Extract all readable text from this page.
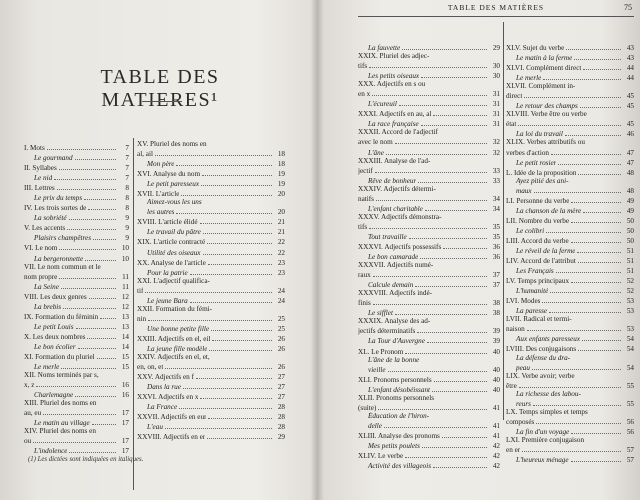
TABLE DES MATIERES¹
I. Mots	7
Le gourmand	7
II. Syllabes	7
Le nid	7
III. Lettres	8
Le prix du temps	8
IV. Les trois sortes de	8
La sobriété	9
V. Les accents	9
Plaisirs champêtres	9
VI. Le nom	10
La bergeronnette	10
VII. Le nom commun et le
nom propre	11
La Seine	11
VIII. Les deux genres	12
La brebis	12
IX. Formation du féminin	13
Le petit Louis	13
X. Les deux nombres	14
Le bon écolier	14
XI. Formation du pluriel	15
Le merle	15
XII. Noms terminés par s,
x, z	16
Charlemagne	16
XIII. Pluriel des noms en
au, eu	17
Le matin au village	17
XIV. Pluriel des noms en
ou	17
L'indolence	17
XV. Pluriel des noms en
al, ail	18
Mon père	18
XVI. Analyse du nom	19
Le petit paresseux	19
XVII. L'article	20
Aimez-vous les uns
les autres	20
XVIII. L'article élidé	21
Le travail du pâtre	21
XIX. L'article contracté	22
Utilité des oiseaux	22
XX. Analyse de l'article	23
Pour la patrie	23
XXI. L'adjectif qualifica-
tif	24
Le jeune Bara	24
XXII. Formation du fémi-
nin	25
Une bonne petite fille	25
XXIII. Adjectifs en el, eil	26
La jeune fille modèle	26
XXIV. Adjectifs en el, et,
en, on, et	26
XXV. Adjectifs en f	27
Dans la rue	27
XXVI. Adjectifs en x	27
La France	28
XXVII. Adjectifs en eur	28
L'eau	28
XXVIII. Adjectifs en er	29
(1) Les dictées sont indiquées en italiques.
TABLE DES MATIÈRES	75
La fauvette	29
XXIX. Pluriel des adjec-
tifs	30
Les petits oiseaux	30
XXX. Adjectifs en s ou
en x	31
L'écureuil	31
XXXI. Adjectifs en au, al	31
La race française	31
XXXII. Accord de l'adjectif
avec le nom	32
L'âne	32
XXXIII. Analyse de l'ad-
jectif	33
Rêve de bonheur	33
XXXIV. Adjectifs détermi-
natifs	34
L'enfant charitable	34
XXXV. Adjectifs démonstra-
tifs	35
Tout travaille	35
XXXVI. Adjectifs possessifs	36
Le bon camarade	36
XXXVII. Adjectifs numé-
raux	37
Calcule demain	37
XXXVIII. Adjectifs indé-
finis	38
Le sifflet	38
XXXIX. Analyse des ad-
jectifs déterminatifs	39
La Tour d'Auvergne	39
XL. Le Pronom	40
L'âne de la bonne
vieille	40
XLI. Pronoms personnels	40
L'enfant désobéissant	40
XLII. Pronoms personnels
(suite)	41
Éducation de l'hiron-
delle	41
XLIII. Analyse des pronoms	41
Mes petits poulets	42
XLIV. Le verbe	42
Activité des villageois	42
XLV. Sujet du verbe	43
Le matin à la ferme	43
XLVI. Complément direct	44
Le merle	44
XLVII. Complément in-
direct	45
Le retour des champs	45
XLVIII. Verbe être ou verbe
état	45
La loi du travail	46
XLIX. Verbes attributifs ou
verbes d'action	47
Le petit rosier	47
L. Idée de la proposition	48
Ayez pitié des ani-
maux	48
LI. Personne du verbe	49
La chanson de la mère	49
LII. Nombre du verbe	50
Le colibri	50
LIII. Accord du verbe	50
Le réveil de la ferme	51
LIV. Accord de l'attribut	51
Les Français	51
LV. Temps principaux	52
L'humanité	52
LVI. Modes	53
La paresse	53
LVII. Radical et termi-
naison	53
Aux enfants paresseux	54
LVIII. Des conjugaisons	54
La défense du dra-
peau	54
LIX. Verbe avoir; verbe
être	55
La richesse des labou-
reurs	55
LX. Temps simples et temps
composés	56
La fin d'un voyage	56
LXI. Première conjugaison
en er	57
L'heureux ménage	57
